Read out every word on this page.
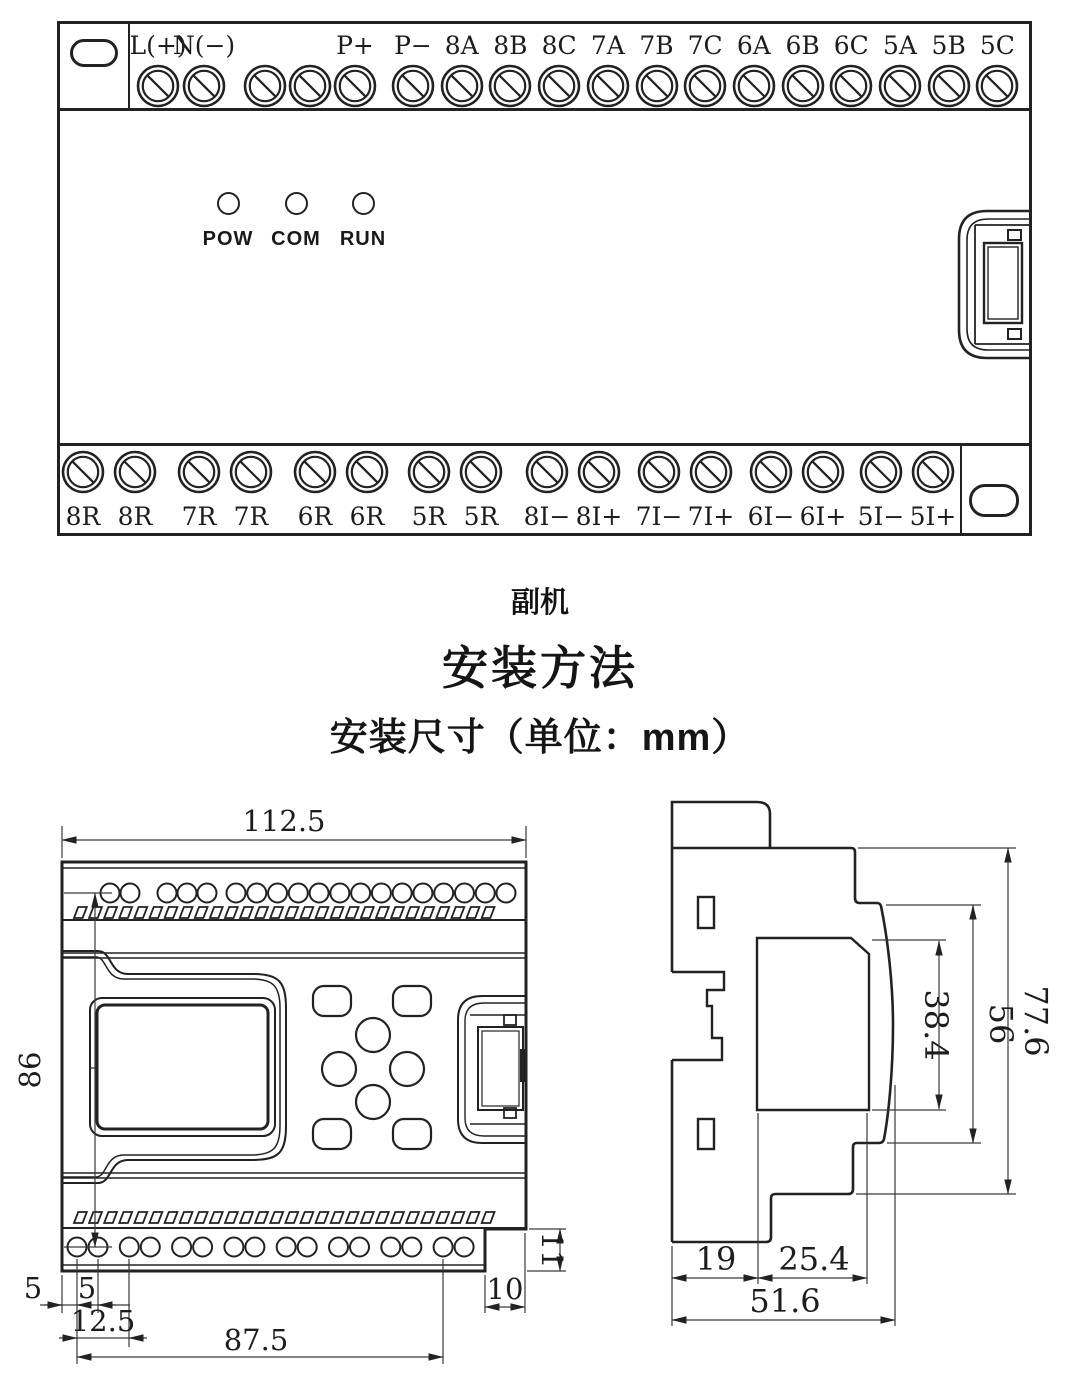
L(+)
N(−)	P+ P− 8A 8B 8C 7A 7B 7C 6A 6B 6C 5A 5B 5C
POW COM RUN
8R 8R 7R 7R 6R 6R 5R 5R 8I− 8I+ 7I− 7I+ 6I− 6I+ 5I− 5I+
副机
安装方法
安装尺寸（单位：mm）
112.5
86
5 5
12.5
87.5
10
11
38.4 56
77.6
19 25.4
51.6
